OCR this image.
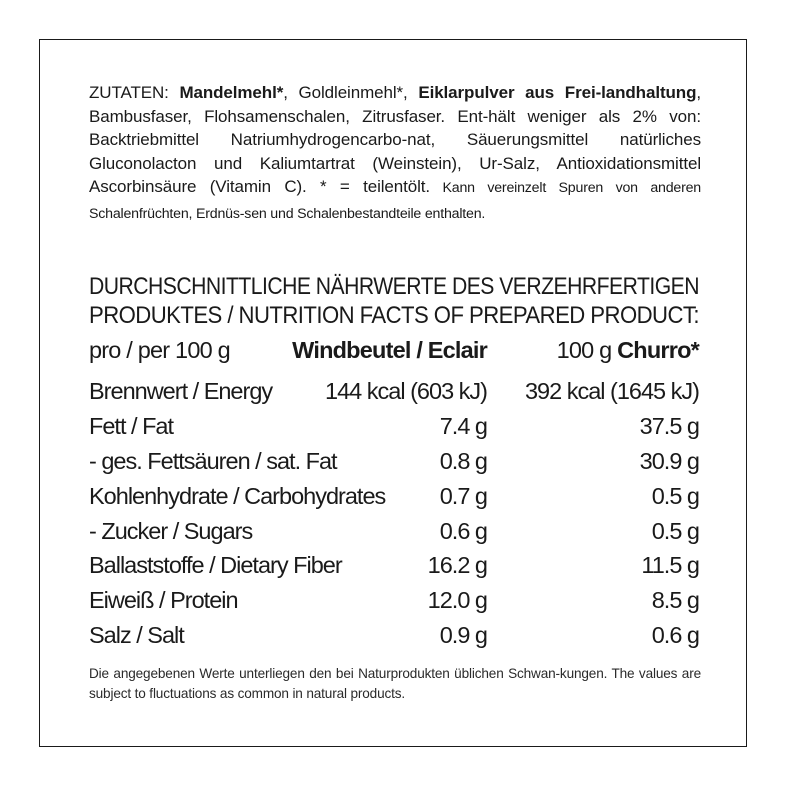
ZUTATEN: Mandelmehl*, Goldleinmehl*, Eiklarpulver aus Frei-landhaltung, Bambusfaser, Flohsamenschalen, Zitrusfaser. Ent-hält weniger als 2% von: Backtriebmittel Natriumhydrogencarbo-nat, Säuerungsmittel natürliches Gluconolacton und Kaliumtartrat (Weinstein), Ur-Salz, Antioxidationsmittel Ascorbinsäure (Vitamin C). * = teilentölt. Kann vereinzelt Spuren von anderen Schalenfrüchten, Erdnüs-sen und Schalenbestandteile enthalten.
DURCHSCHNITTLICHE NÄHRWERTE DES VERZEHRFERTIGEN
PRODUKTES / NUTRITION FACTS OF PREPARED PRODUCT:
pro / per 100 g	Windbeutel / Eclair	100 g Churro*
Brennwert / Energy 144 kcal (603 kJ) 392 kcal (1645 kJ)
Fett / Fat	7.4 g	37.5 g
- ges. Fettsäuren / sat. Fat	0.8 g	30.9 g
Kohlenhydrate / Carbohydrates 0.7 g	0.5 g
- Zucker / Sugars	0.6 g	0.5 g
Ballaststoffe / Dietary Fiber	16.2 g	11.5 g
Eiweiß / Protein	12.0 g	8.5 g
Salz / Salt	0.9 g	0.6 g
Die angegebenen Werte unterliegen den bei Naturprodukten üblichen Schwan-kungen. The values are subject to fluctuations as common in natural products.
